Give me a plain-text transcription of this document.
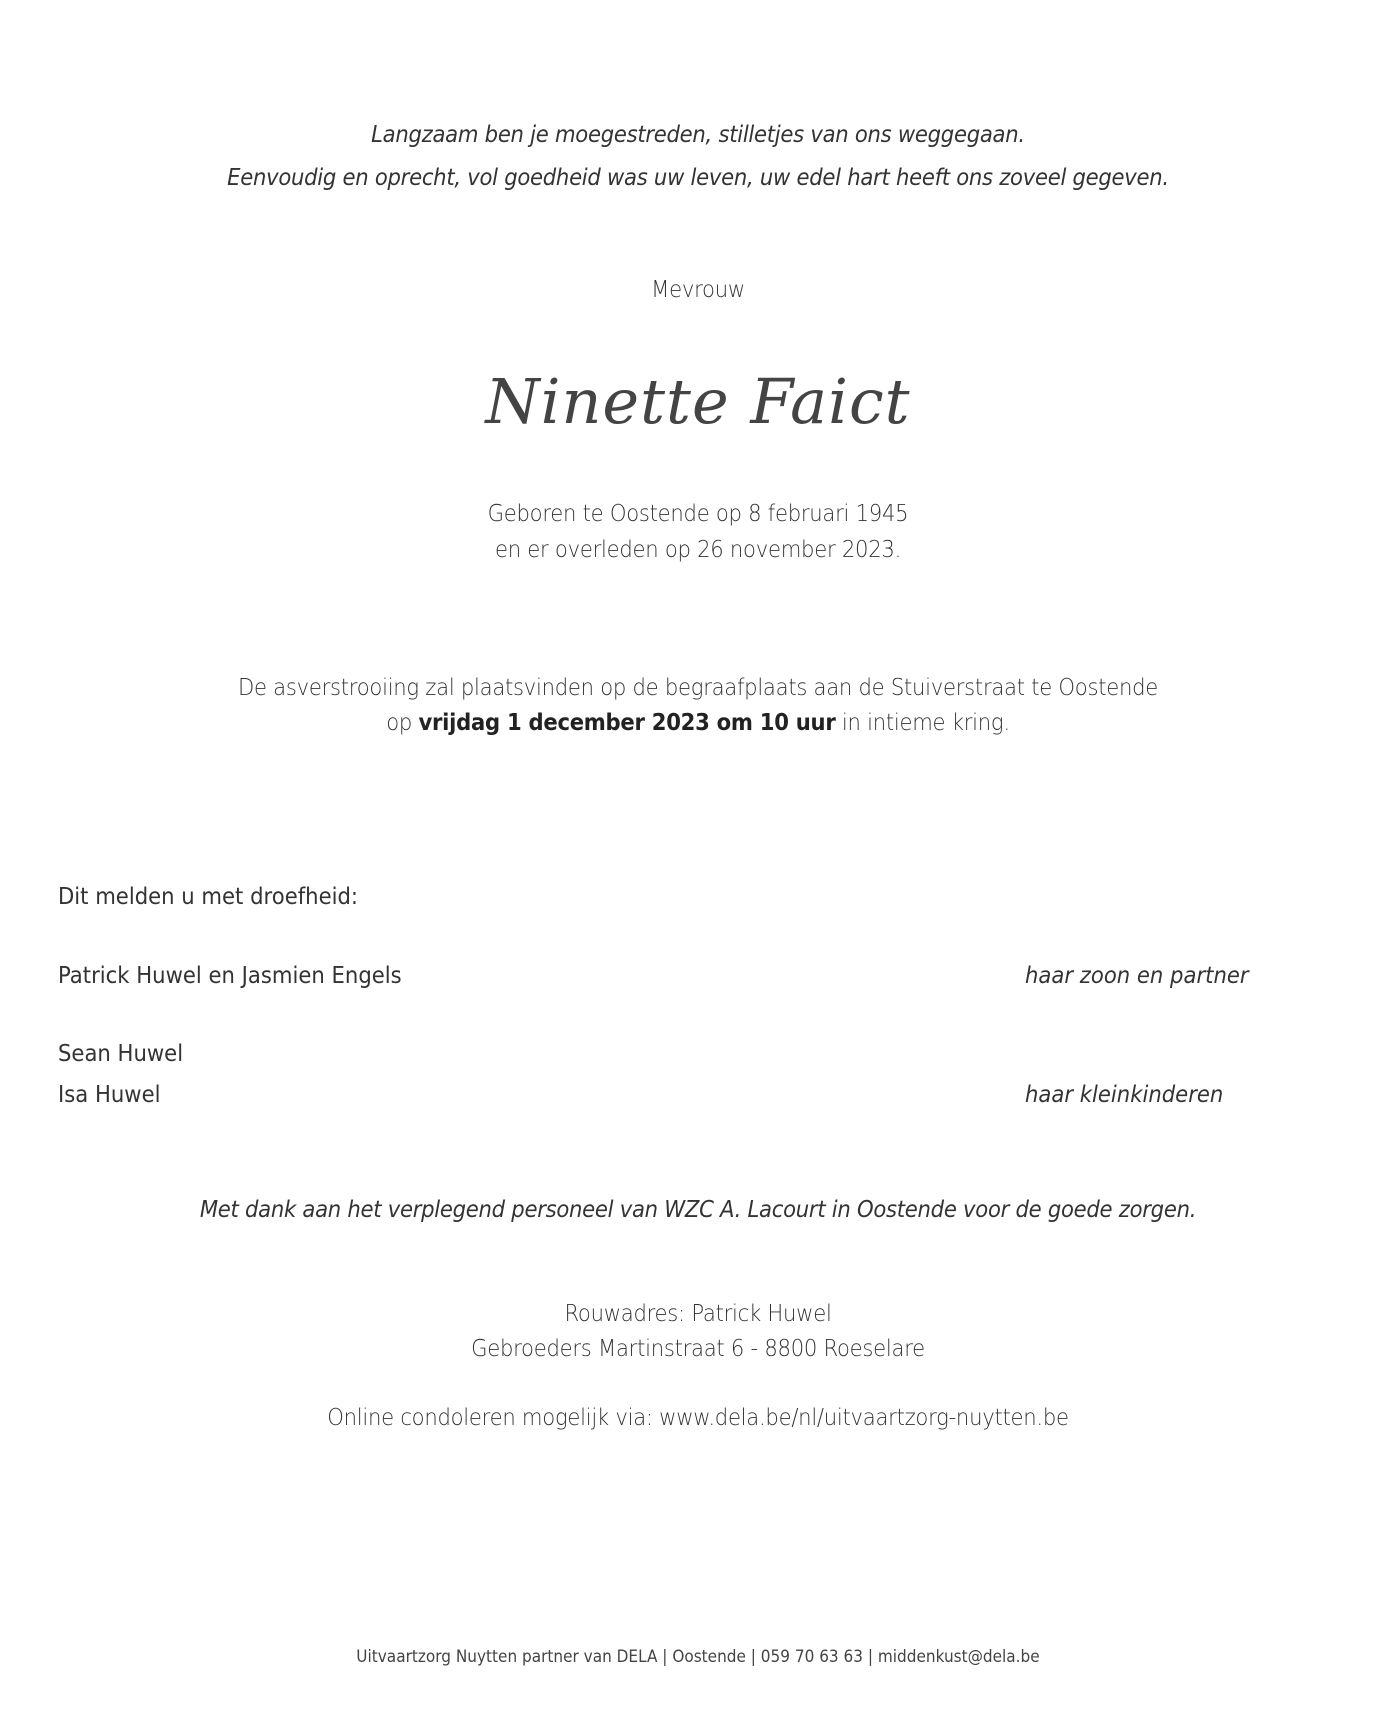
Langzaam ben je moegestreden, stilletjes van ons weggegaan.
Eenvoudig en oprecht, vol goedheid was uw leven, uw edel hart heeft ons zoveel gegeven.
Mevrouw
Ninette Faict
Geboren te Oostende op 8 februari 1945
en er overleden op 26 november 2023.
De asverstrooiing zal plaatsvinden op de begraafplaats aan de Stuiverstraat te Oostende
op vrijdag 1 december 2023 om 10 uur in intieme kring.
Dit melden u met droefheid:
Patrick Huwel en Jasmien Engels	haar zoon en partner
Sean Huwel
Isa Huwel	haar kleinkinderen
Met dank aan het verplegend personeel van WZC A. Lacourt in Oostende voor de goede zorgen.
Rouwadres: Patrick Huwel
Gebroeders Martinstraat 6 - 8800 Roeselare
Online condoleren mogelijk via: www.dela.be/nl/uitvaartzorg-nuytten.be
Uitvaartzorg Nuytten partner van DELA | Oostende | 059 70 63 63 | middenkust@dela.be
